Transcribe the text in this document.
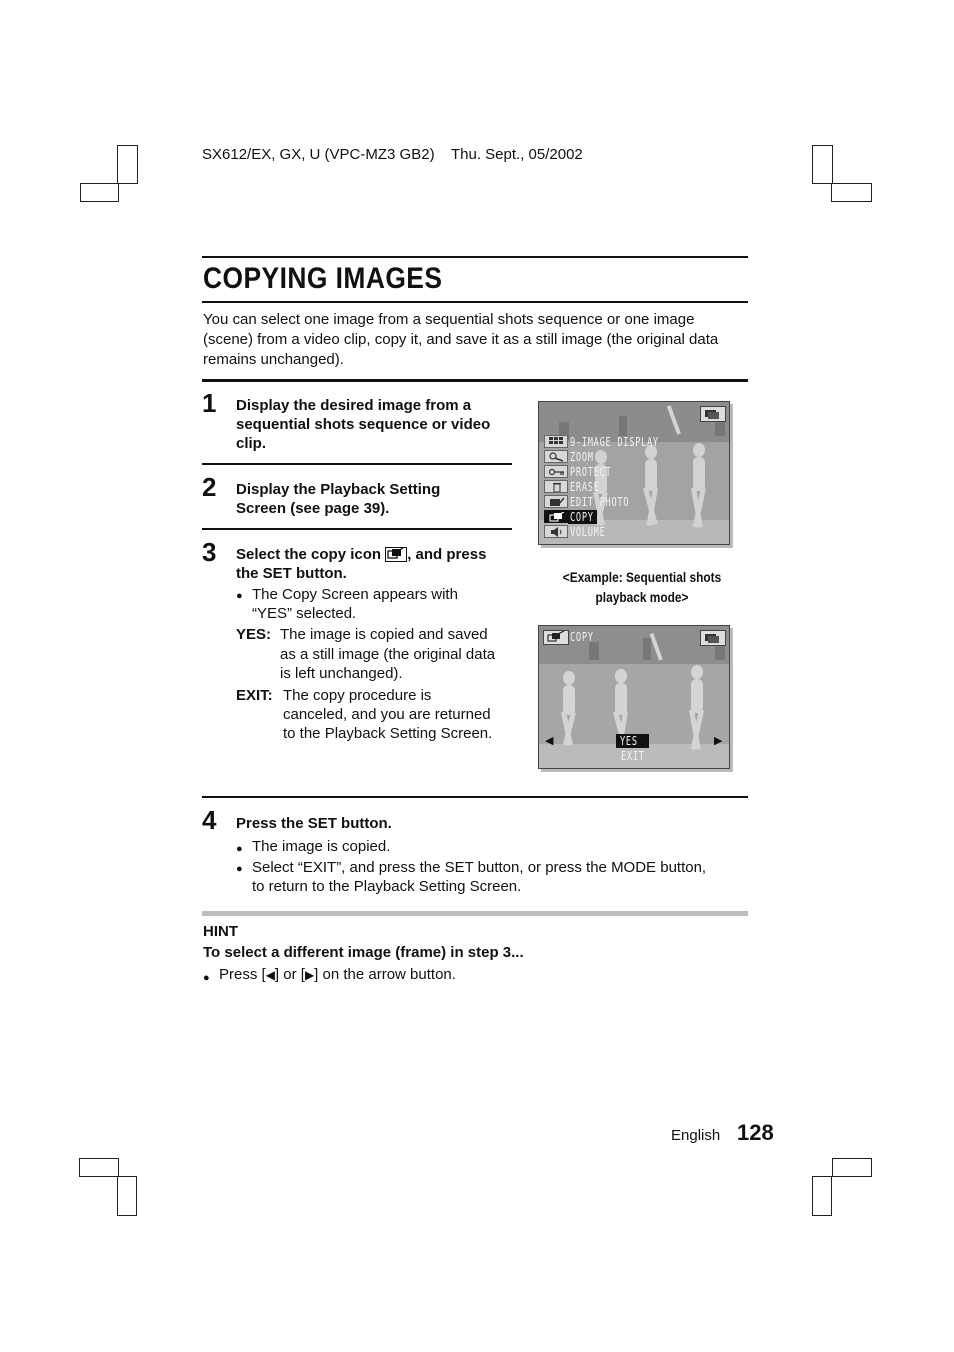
SX612/EX, GX, U (VPC-MZ3 GB2) Thu. Sept., 05/2002
COPYING IMAGES
You can select one image from a sequential shots sequence or one image
(scene) from a video clip, copy it, and save it as a still image (the original data
remains unchanged).
1 Display the desired image from a
sequential shots sequence or video
clip.
2 Display the Playback Setting
Screen (see page 39).
3 Select the copy icon , and press
the SET button.
The Copy Screen appears with
“YES” selected.
YES: The image is copied and saved
as a still image (the original data
is left unchanged).
EXIT: The copy procedure is
canceled, and you are returned
to the Playback Setting Screen.
9-IMAGE DISPLAY
ZOOM
PROTECT
ERASE
EDIT PHOTO
COPY
VOLUME
<Example: Sequential shots
playback mode>
COPY
◀	▶
YES
EXIT
4 Press the SET button.
The image is copied.
Select “EXIT”, and press the SET button, or press the MODE button,
to return to the Playback Setting Screen.
HINT
To select a different image (frame) in step 3...
Press [◀] or [▶] on the arrow button.
English 128
